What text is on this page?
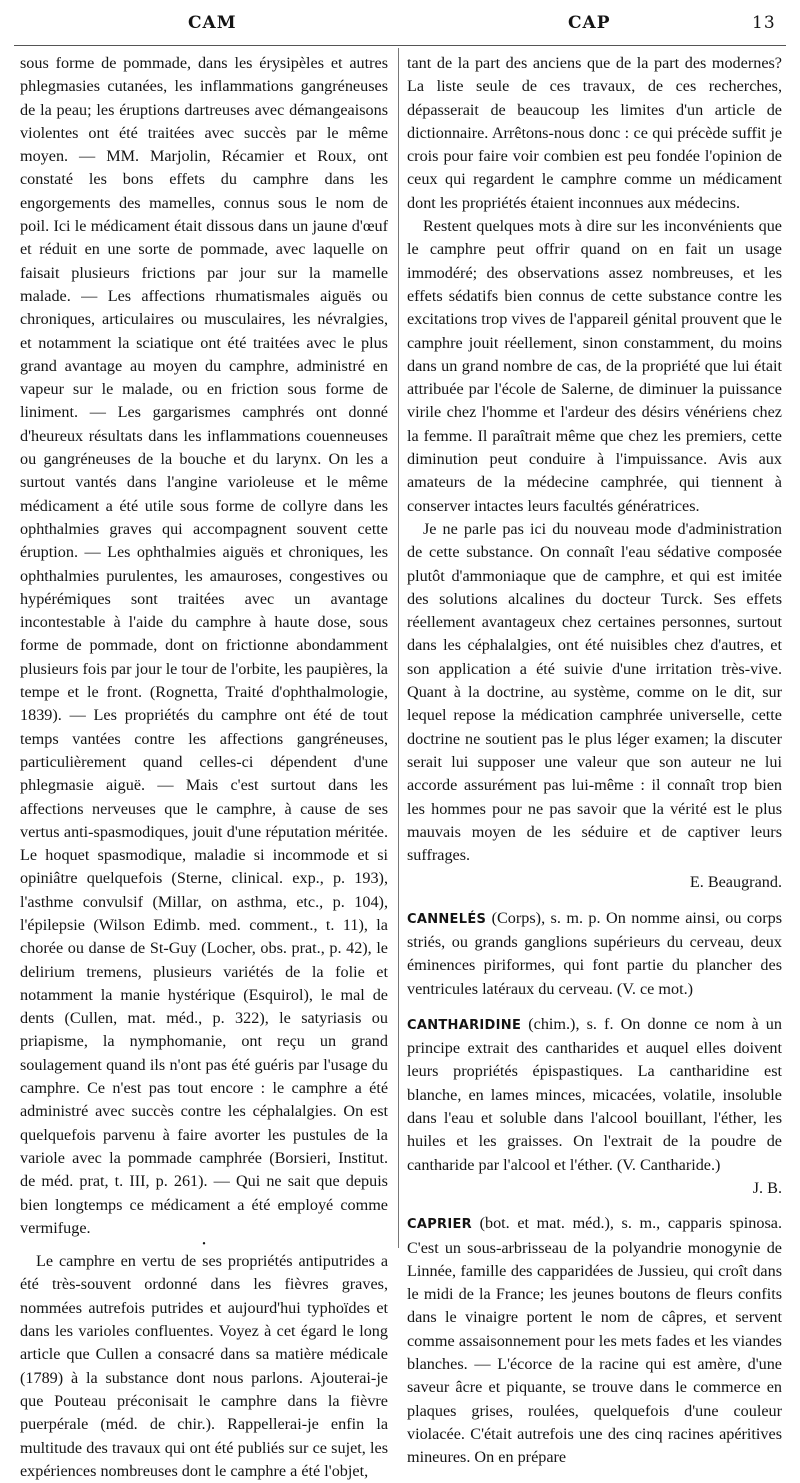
CAM	CAP	13

sous forme de pommade, dans les érysipèles et autres phlegmasies cutanées, les inflammations gangréneuses de la peau; les éruptions dartreuses avec démangeaisons violentes ont été traitées avec succès par le même moyen. — MM. Marjolin, Récamier et Roux, ont constaté les bons effets du camphre dans les engorgements des mamelles, connus sous le nom de poil. Ici le médicament était dissous dans un jaune d'œuf et réduit en une sorte de pommade, avec laquelle on faisait plusieurs frictions par jour sur la mamelle malade. — Les affections rhumatismales aiguës ou chroniques, articulaires ou musculaires, les névralgies, et notamment la sciatique ont été traitées avec le plus grand avantage au moyen du camphre, administré en vapeur sur le malade, ou en friction sous forme de liniment. — Les gargarismes camphrés ont donné d'heureux résultats dans les inflammations couenneuses ou gangréneuses de la bouche et du larynx. On les a surtout vantés dans l'angine varioleuse et le même médicament a été utile sous forme de collyre dans les ophthalmies graves qui accompagnent souvent cette éruption. — Les ophthalmies aiguës et chroniques, les ophthalmies purulentes, les amauroses, congestives ou hypérémiques sont traitées avec un avantage incontestable à l'aide du camphre à haute dose, sous forme de pommade, dont on frictionne abondamment plusieurs fois par jour le tour de l'orbite, les paupières, la tempe et le front. (Rognetta, Traité d'ophthalmologie, 1839). — Les propriétés du camphre ont été de tout temps vantées contre les affections gangréneuses, particulièrement quand celles-ci dépendent d'une phlegmasie aiguë. — Mais c'est surtout dans les affections nerveuses que le camphre, à cause de ses vertus anti-spasmodiques, jouit d'une réputation méritée. Le hoquet spasmodique, maladie si incommode et si opiniâtre quelquefois (Sterne, clinical. exp., p. 193), l'asthme convulsif (Millar, on asthma, etc., p. 104), l'épilepsie (Wilson Edimb. med. comment., t. 11), la chorée ou danse de St-Guy (Locher, obs. prat., p. 42), le delirium tremens, plusieurs variétés de la folie et notamment la manie hystérique (Esquirol), le mal de dents (Cullen, mat. méd., p. 322), le satyriasis ou priapisme, la nymphomanie, ont reçu un grand soulagement quand ils n'ont pas été guéris par l'usage du camphre. Ce n'est pas tout encore : le camphre a été administré avec succès contre les céphalalgies. On est quelquefois parvenu à faire avorter les pustules de la variole avec la pommade camphrée (Borsieri, Institut. de méd. prat, t. III, p. 261). — Qui ne sait que depuis bien longtemps ce médicament a été employé comme vermifuge.

•

Le camphre en vertu de ses propriétés antiputrides a été très-souvent ordonné dans les fièvres graves, nommées autrefois putrides et aujourd'hui typhoïdes et dans les varioles confluentes. Voyez à cet égard le long article que Cullen a consacré dans sa matière médicale (1789) à la substance dont nous parlons. Ajouterai-je que Pouteau préconisait le camphre dans la fièvre puerpérale (méd. de chir.). Rappellerai-je enfin la multitude des travaux qui ont été publiés sur ce sujet, les expériences nombreuses dont le camphre a été l'objet,

tant de la part des anciens que de la part des modernes? La liste seule de ces travaux, de ces recherches, dépasserait de beaucoup les limites d'un article de dictionnaire. Arrêtons-nous donc : ce qui précède suffit je crois pour faire voir combien est peu fondée l'opinion de ceux qui regardent le camphre comme un médicament dont les propriétés étaient inconnues aux médecins.

Restent quelques mots à dire sur les inconvénients que le camphre peut offrir quand on en fait un usage immodéré; des observations assez nombreuses, et les effets sédatifs bien connus de cette substance contre les excitations trop vives de l'appareil génital prouvent que le camphre jouit réellement, sinon constamment, du moins dans un grand nombre de cas, de la propriété que lui était attribuée par l'école de Salerne, de diminuer la puissance virile chez l'homme et l'ardeur des désirs vénériens chez la femme. Il paraîtrait même que chez les premiers, cette diminution peut conduire à l'impuissance. Avis aux amateurs de la médecine camphrée, qui tiennent à conserver intactes leurs facultés génératrices.

Je ne parle pas ici du nouveau mode d'administration de cette substance. On connaît l'eau sédative composée plutôt d'ammoniaque que de camphre, et qui est imitée des solutions alcalines du docteur Turck. Ses effets réellement avantageux chez certaines personnes, surtout dans les céphalalgies, ont été nuisibles chez d'autres, et son application a été suivie d'une irritation très-vive. Quant à la doctrine, au système, comme on le dit, sur lequel repose la médication camphrée universelle, cette doctrine ne soutient pas le plus léger examen; la discuter serait lui supposer une valeur que son auteur ne lui accorde assurément pas lui-même : il connaît trop bien les hommes pour ne pas savoir que la vérité est le plus mauvais moyen de les séduire et de captiver leurs suffrages.

E. Beaugrand.

CANNELÉS (Corps), s. m. p. On nomme ainsi, ou corps striés, ou grands ganglions supérieurs du cerveau, deux éminences piriformes, qui font partie du plancher des ventricules latéraux du cerveau. (V. ce mot.)

CANTHARIDINE (chim.), s. f. On donne ce nom à un principe extrait des cantharides et auquel elles doivent leurs propriétés épispastiques. La cantharidine est blanche, en lames minces, micacées, volatile, insoluble dans l'eau et soluble dans l'alcool bouillant, l'éther, les huiles et les graisses. On l'extrait de la poudre de cantharide par l'alcool et l'éther. (V. Cantharide.)

J. B.

CAPRIER (bot. et mat. méd.), s. m., capparis spinosa. C'est un sous-arbrisseau de la polyandrie monogynie de Linnée, famille des capparidées de Jussieu, qui croît dans le midi de la France; les jeunes boutons de fleurs confits dans le vinaigre portent le nom de câpres, et servent comme assaisonnement pour les mets fades et les viandes blanches. — L'écorce de la racine qui est amère, d'une saveur âcre et piquante, se trouve dans le commerce en plaques grises, roulées, quelquefois d'une couleur violacée. C'était autrefois une des cinq racines apéritives mineures. On en prépare
